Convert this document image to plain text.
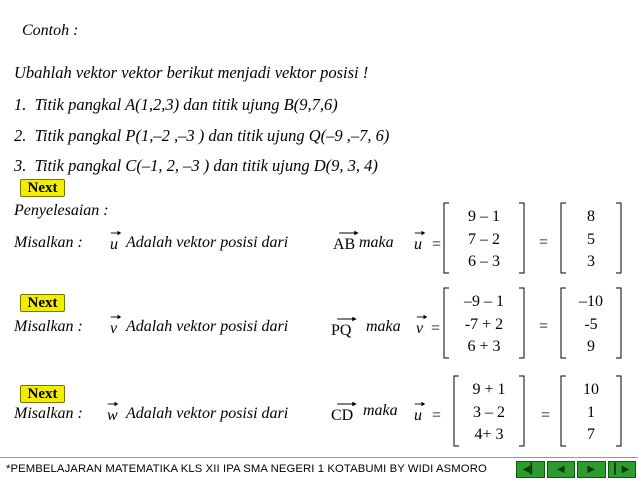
Contoh :
Ubahlah vektor vektor berikut menjadi vektor posisi !
1. Titik pangkal A(1,2,3) dan titik ujung B(9,7,6)
2. Titik pangkal P(1,–2 ,–3 ) dan titik ujung Q(–9 ,–7, 6)
3. Titik pangkal C(–1, 2, –3 ) dan titik ujung D(9, 3, 4)
Next
Penyelesaian :
Next
Next
Misalkan : u Adalah vektor posisi dari	AB maka u =
9 – 1
7 – 2
6 – 3
=
8
5
3
Misalkan : v Adalah vektor posisi dari	PQ maka v =
–9 – 1
-7 + 2
6 + 3
=
–10
-5
9
Misalkan : w Adalah vektor posisi dari	CD maka u =
9 + 1
3 – 2
4+ 3
=
10
1
7
*PEMBELAJARAN MATEMATIKA KLS XII IPA SMA NEGERI 1 KOTABUMI BY WIDI ASMORO	◀▎	◀	▶	▎▶
